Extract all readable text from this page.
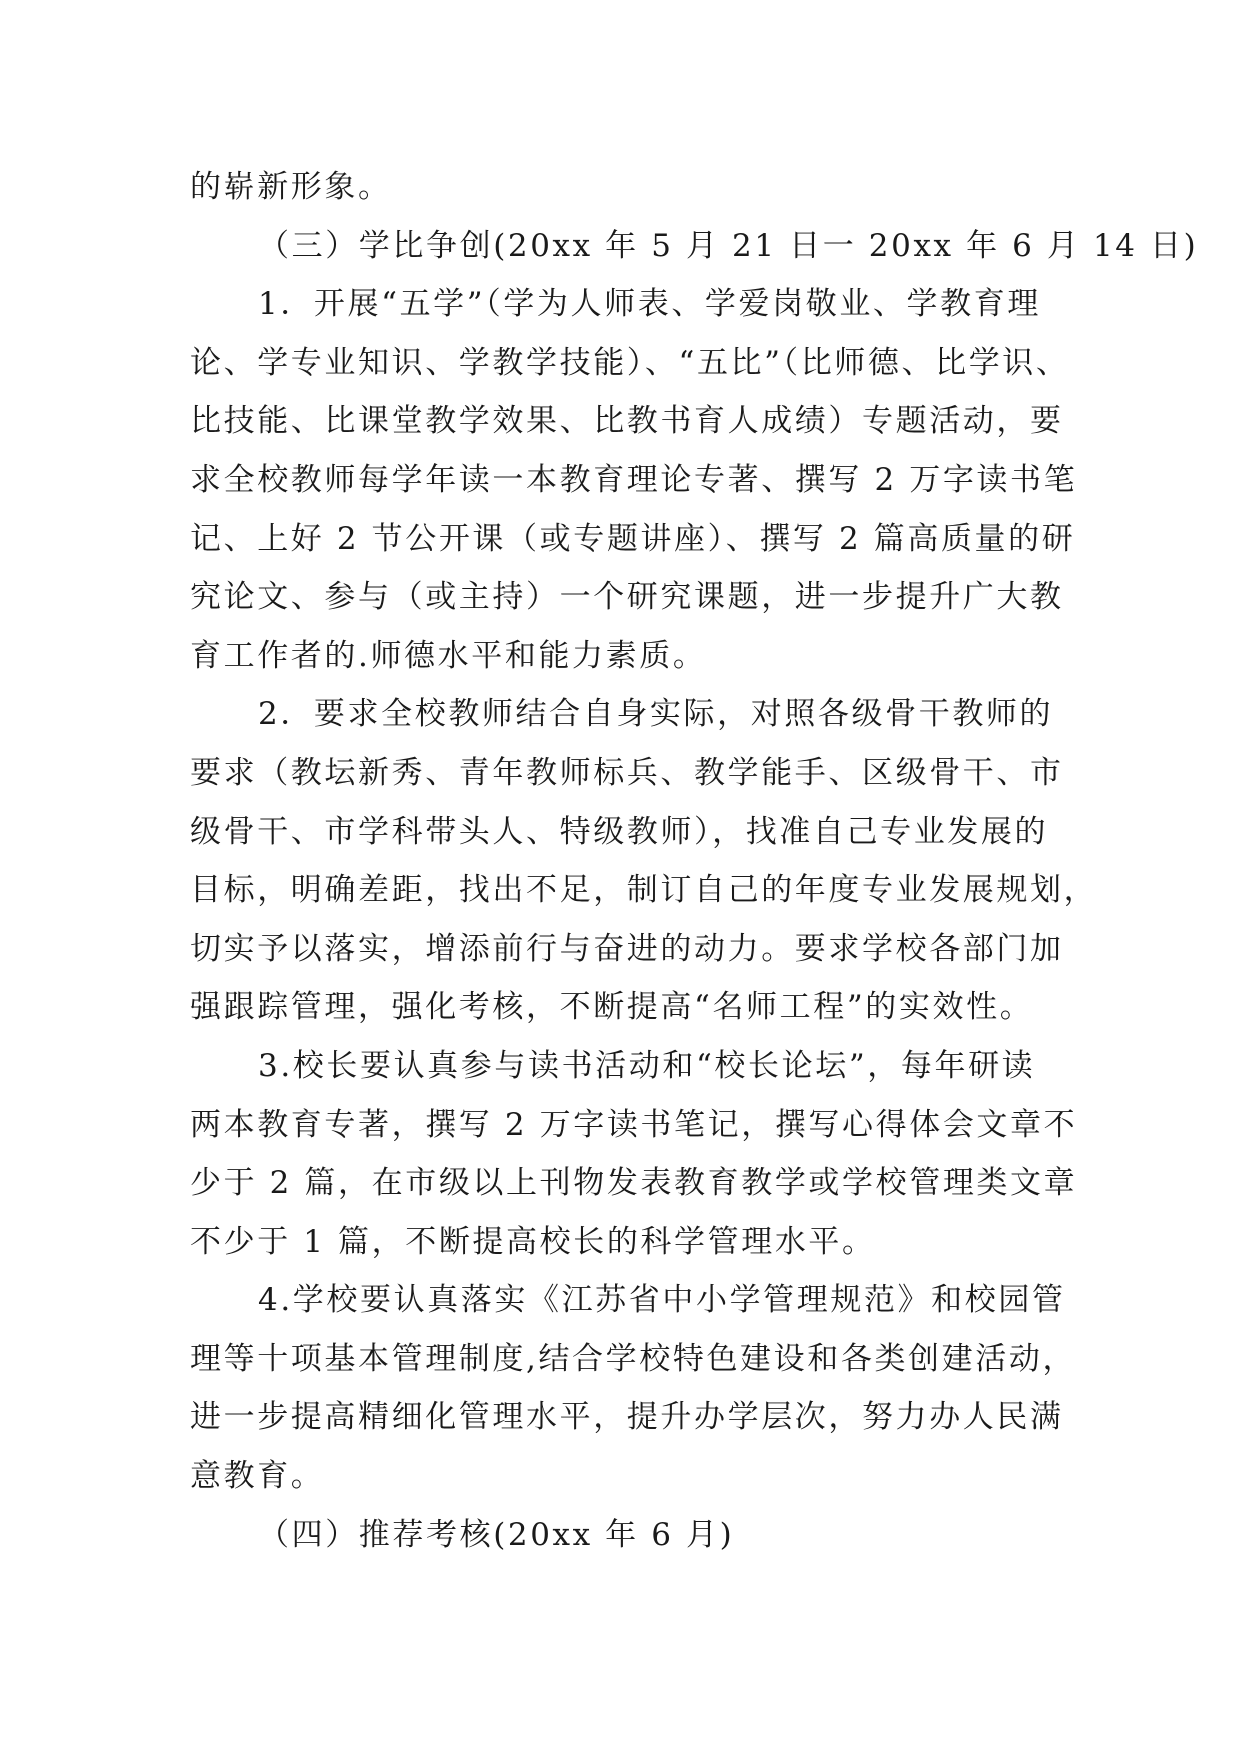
的崭新形象。
（三）学比争创(20xx 年 5 月 21 日一 20xx 年 6 月 14 日)
1．开展“五学”（学为人师表、学爱岗敬业、学教育理
论、学专业知识、学教学技能）、“五比”（比师德、比学识、
比技能、比课堂教学效果、比教书育人成绩）专题活动，要
求全校教师每学年读一本教育理论专著、撰写 2 万字读书笔
记、上好 2 节公开课（或专题讲座）、撰写 2 篇高质量的研
究论文、参与（或主持）一个研究课题，进一步提升广大教
育工作者的.师德水平和能力素质。
2．要求全校教师结合自身实际，对照各级骨干教师的
要求（教坛新秀、青年教师标兵、教学能手、区级骨干、市
级骨干、市学科带头人、特级教师），找准自己专业发展的
目标，明确差距，找出不足，制订自己的年度专业发展规划，
切实予以落实，增添前行与奋进的动力。要求学校各部门加
强跟踪管理，强化考核，不断提高“名师工程”的实效性。
3.校长要认真参与读书活动和“校长论坛”，每年研读
两本教育专著，撰写 2 万字读书笔记，撰写心得体会文章不
少于 2 篇，在市级以上刊物发表教育教学或学校管理类文章
不少于 1 篇，不断提高校长的科学管理水平。
4.学校要认真落实《江苏省中小学管理规范》和校园管
理等十项基本管理制度,结合学校特色建设和各类创建活动，
进一步提高精细化管理水平，提升办学层次，努力办人民满
意教育。
（四）推荐考核(20xx 年 6 月)
